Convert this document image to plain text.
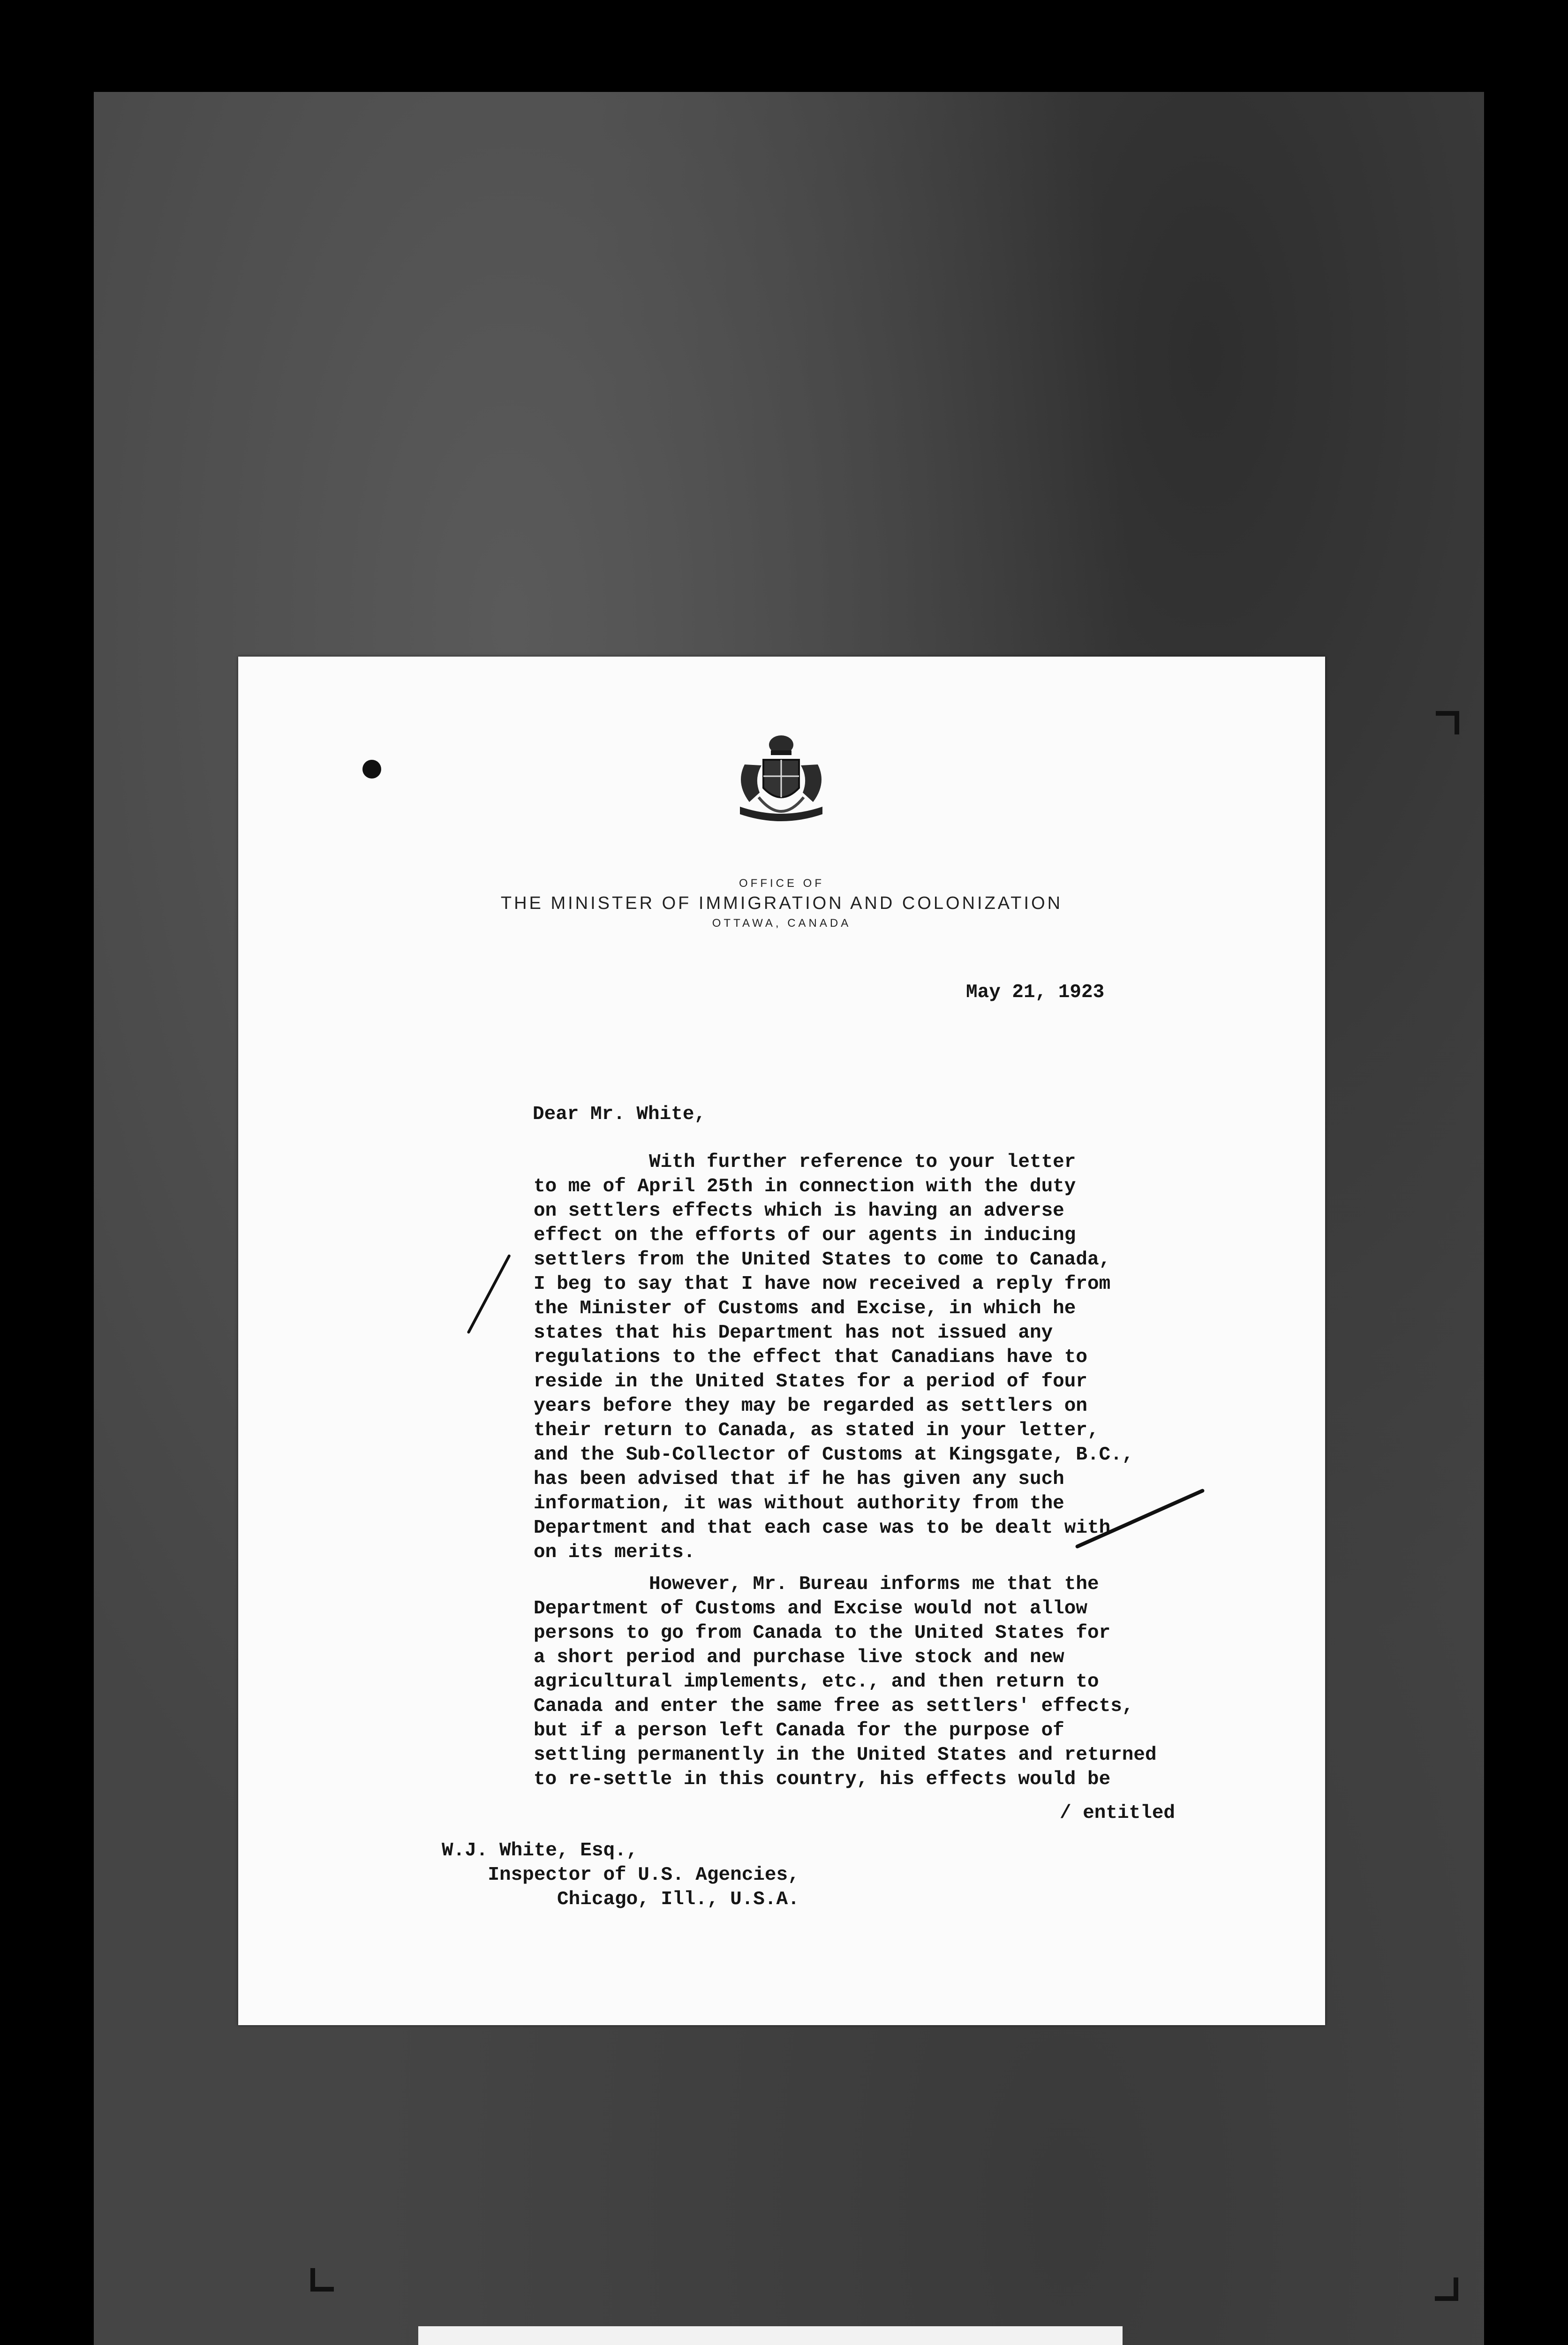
OFFICE OF
THE MINISTER OF IMMIGRATION AND COLONIZATION
OTTAWA, CANADA
May 21, 1923
Dear Mr. White,
With further reference to your letter
to me of April 25th in connection with the duty
on settlers effects which is having an adverse
effect on the efforts of our agents in inducing
settlers from the United States to come to Canada,
I beg to say that I have now received a reply from
the Minister of Customs and Excise, in which he
states that his Department has not issued any
regulations to the effect that Canadians have to
reside in the United States for a period of four
years before they may be regarded as settlers on
their return to Canada, as stated in your letter,
and the Sub-Collector of Customs at Kingsgate, B.C.,
has been advised that if he has given any such
information, it was without authority from the
Department and that each case was to be dealt with
on its merits.
However, Mr. Bureau informs me that the
Department of Customs and Excise would not allow
persons to go from Canada to the United States for
a short period and purchase live stock and new
agricultural implements, etc., and then return to
Canada and enter the same free as settlers' effects,
but if a person left Canada for the purpose of
settling permanently in the United States and returned
to re-settle in this country, his effects would be
/ entitled
W.J. White, Esq.,
Inspector of U.S. Agencies,
Chicago, Ill., U.S.A.
